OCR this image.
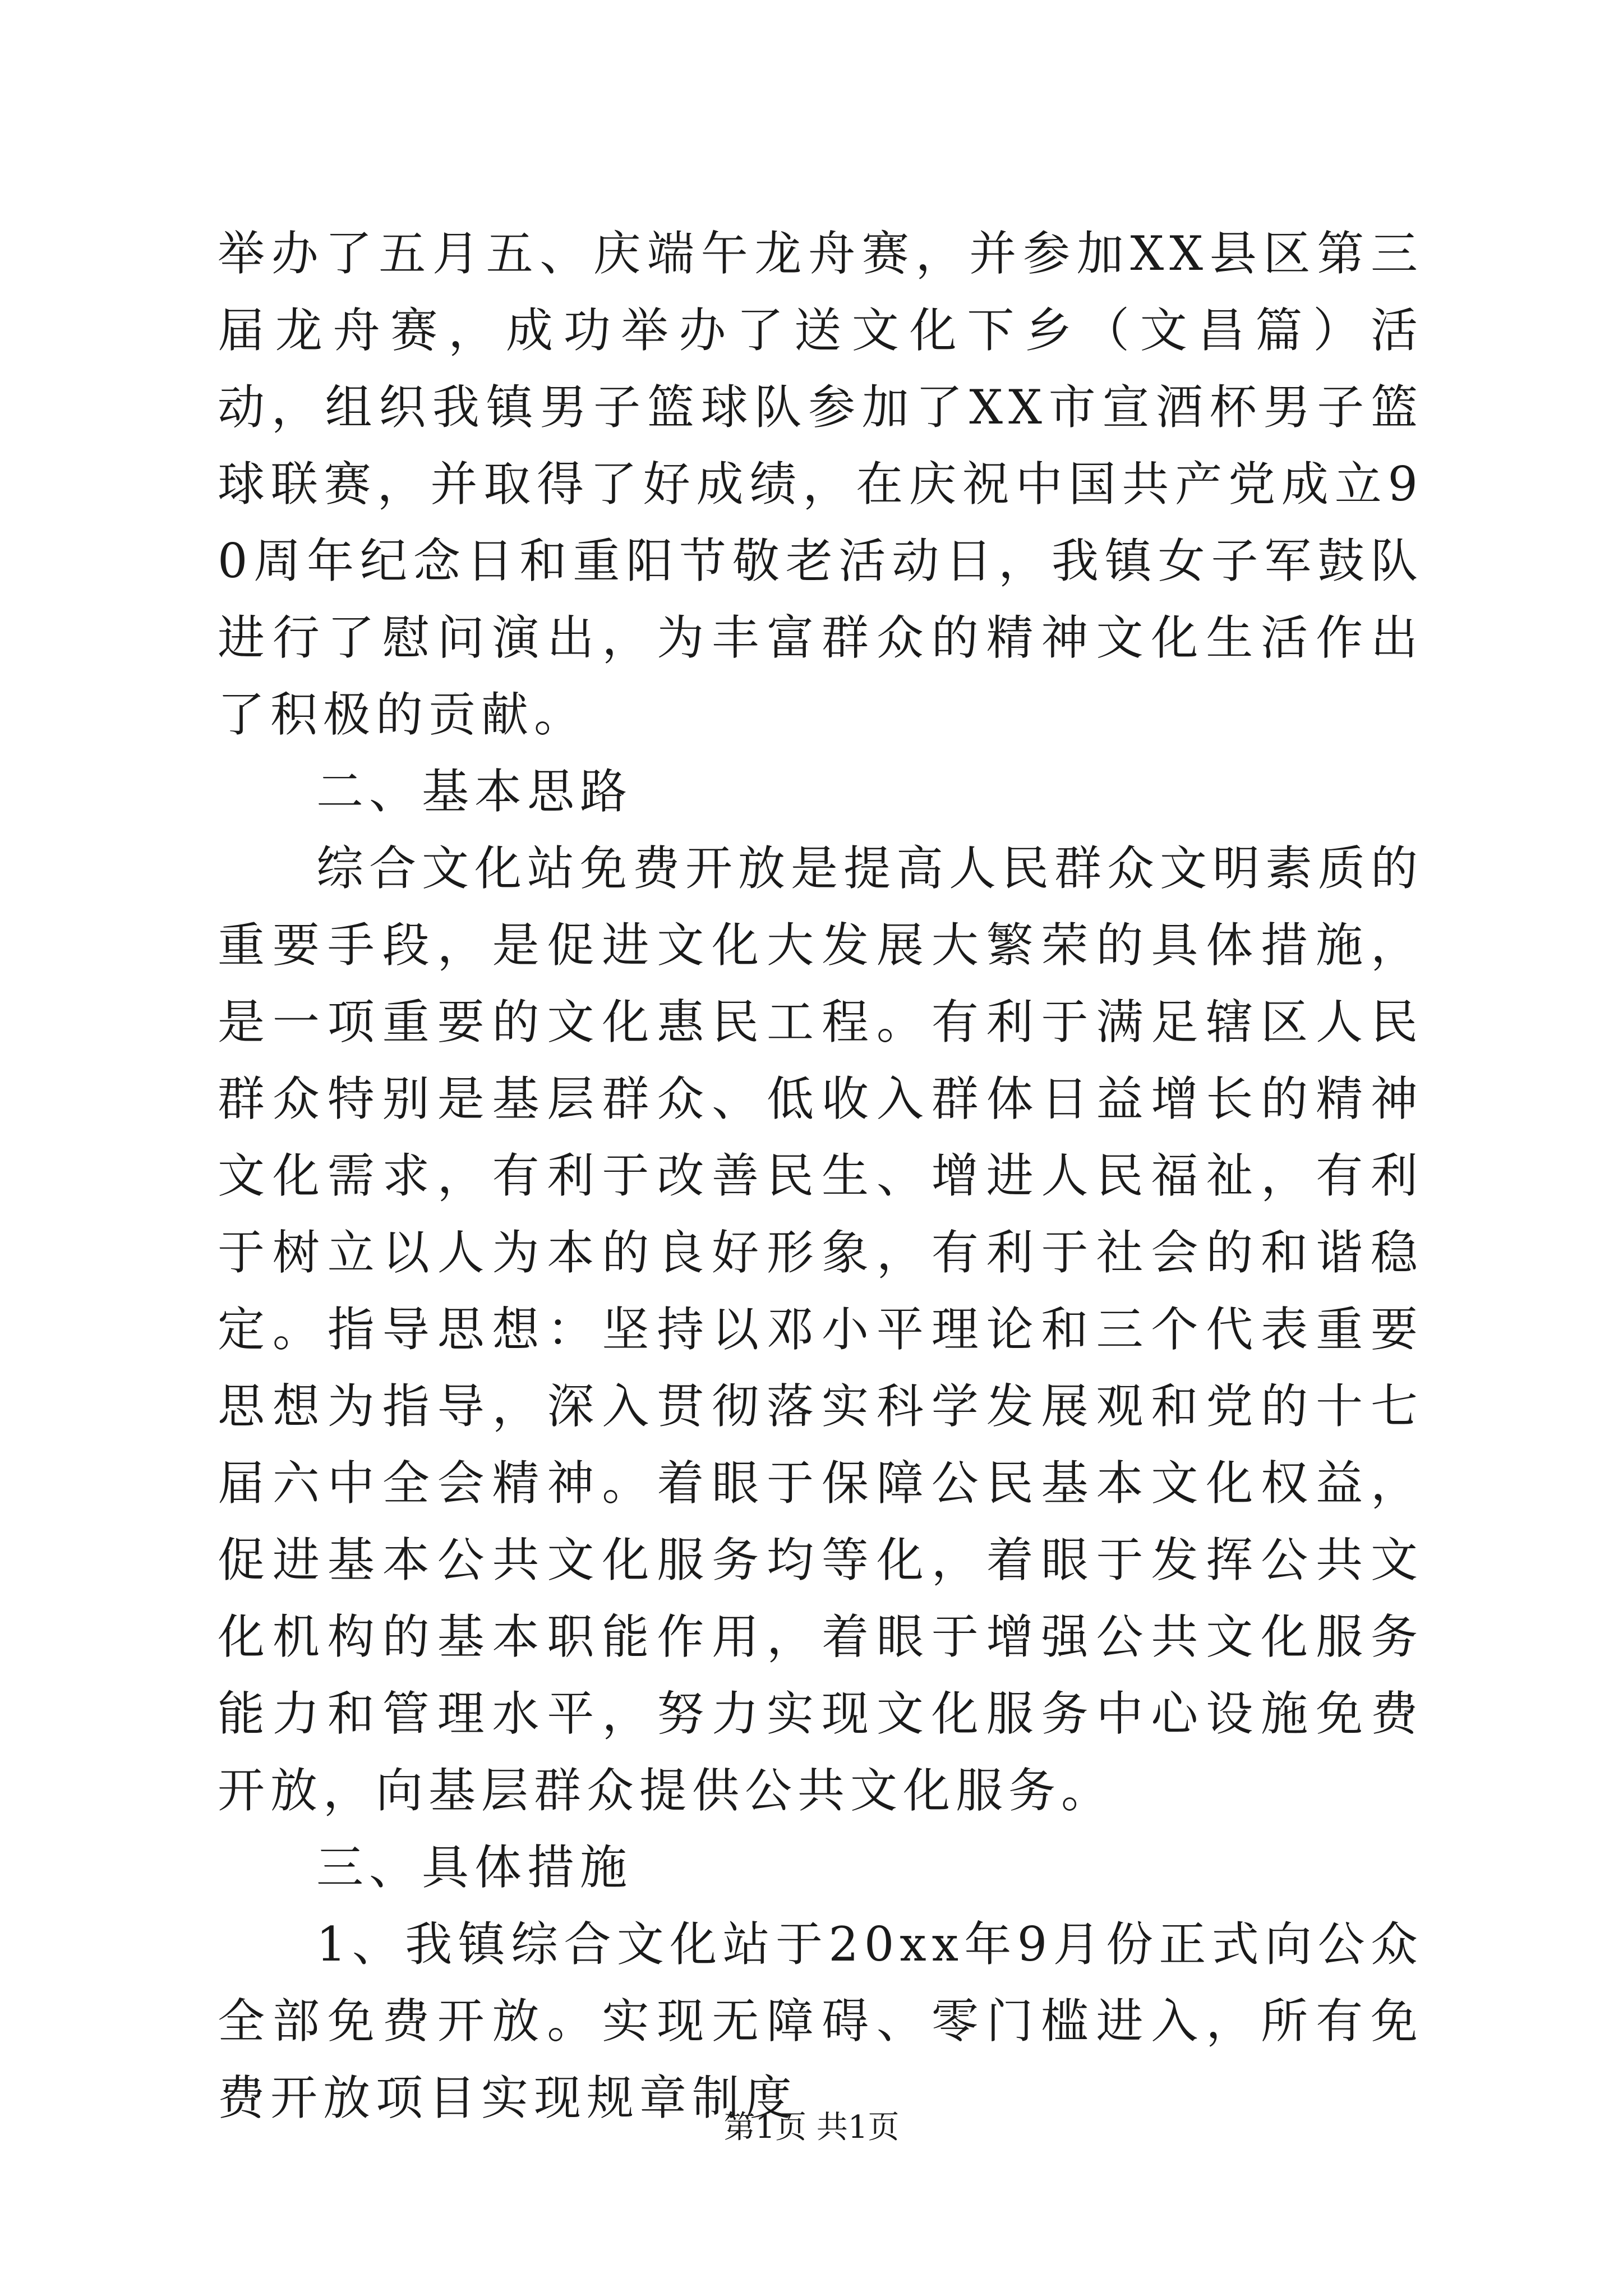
举办了五月五、庆端午龙舟赛，并参加XX县区第三届龙舟赛，成功举办了送文化下乡（文昌篇）活动，组织我镇男子篮球队参加了XX市宣酒杯男子篮球联赛，并取得了好成绩，在庆祝中国共产党成立90周年纪念日和重阳节敬老活动日，我镇女子军鼓队进行了慰问演出，为丰富群众的精神文化生活作出了积极的贡献。

二、基本思路

综合文化站免费开放是提高人民群众文明素质的重要手段，是促进文化大发展大繁荣的具体措施，是一项重要的文化惠民工程。有利于满足辖区人民群众特别是基层群众、低收入群体日益增长的精神文化需求，有利于改善民生、增进人民福祉，有利于树立以人为本的良好形象，有利于社会的和谐稳定。指导思想：坚持以邓小平理论和三个代表重要思想为指导，深入贯彻落实科学发展观和党的十七届六中全会精神。着眼于保障公民基本文化权益，促进基本公共文化服务均等化，着眼于发挥公共文化机构的基本职能作用，着眼于增强公共文化服务能力和管理水平，努力实现文化服务中心设施免费开放，向基层群众提供公共文化服务。

三、具体措施

1、我镇综合文化站于20xx年9月份正式向公众全部免费开放。实现无障碍、零门槛进入，所有免费开放项目实现规章制度

第1页 共1页
